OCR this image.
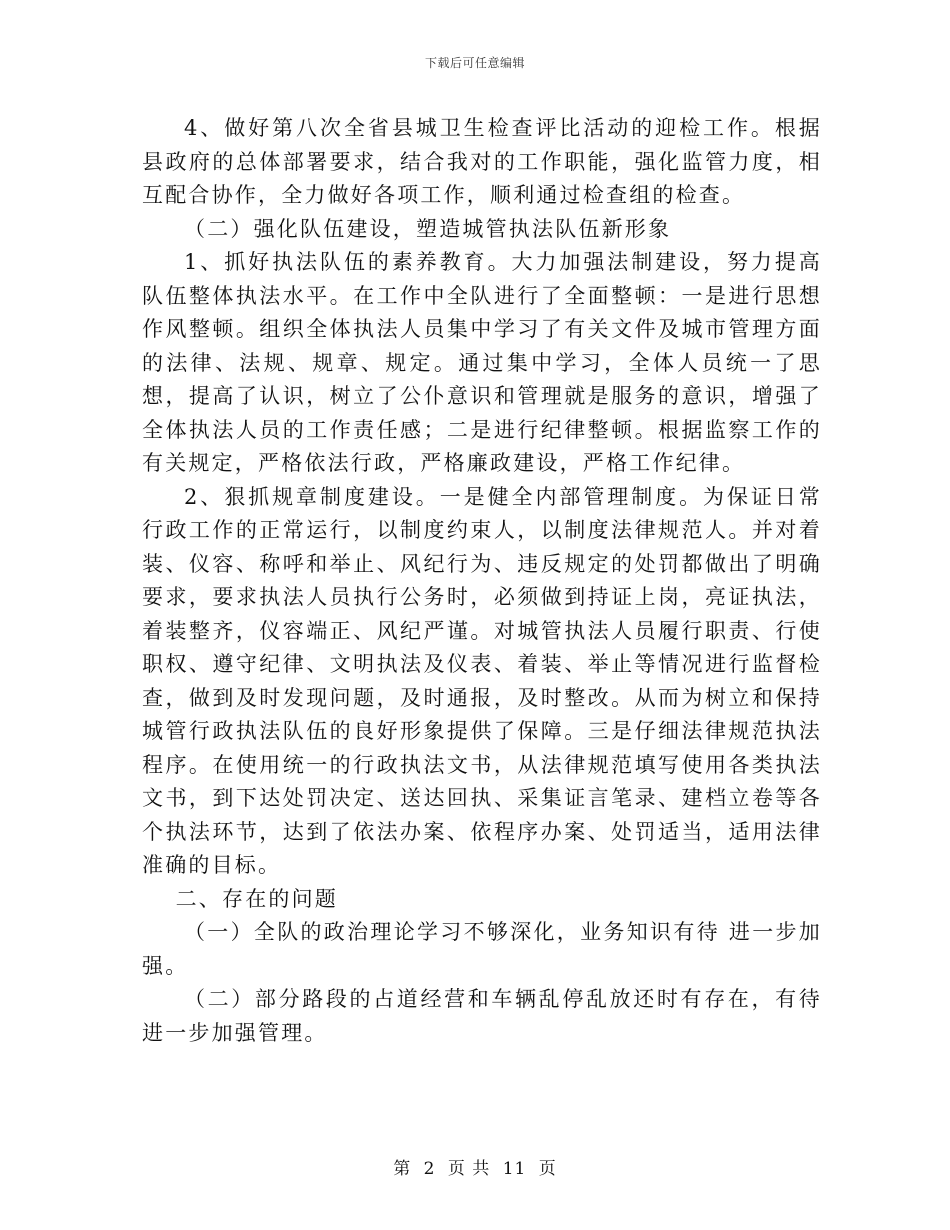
下载后可任意编辑

4、做好第八次全省县城卫生检查评比活动的迎检工作。根据县政府的总体部署要求，结合我对的工作职能，强化监管力度，相互配合协作，全力做好各项工作，顺利通过检查组的检查。

（二）强化队伍建设，塑造城管执法队伍新形象

1、抓好执法队伍的素养教育。大力加强法制建设，努力提高队伍整体执法水平。在工作中全队进行了全面整顿：一是进行思想作风整顿。组织全体执法人员集中学习了有关文件及城市管理方面的法律、法规、规章、规定。通过集中学习，全体人员统一了思想，提高了认识，树立了公仆意识和管理就是服务的意识，增强了全体执法人员的工作责任感；二是进行纪律整顿。根据监察工作的有关规定，严格依法行政，严格廉政建设，严格工作纪律。

2、狠抓规章制度建设。一是健全内部管理制度。为保证日常行政工作的正常运行，以制度约束人，以制度法律规范人。并对着装、仪容、称呼和举止、风纪行为、违反规定的处罚都做出了明确要求，要求执法人员执行公务时，必须做到持证上岗，亮证执法，着装整齐，仪容端正、风纪严谨。对城管执法人员履行职责、行使职权、遵守纪律、文明执法及仪表、着装、举止等情况进行监督检查，做到及时发现问题，及时通报，及时整改。从而为树立和保持城管行政执法队伍的良好形象提供了保障。三是仔细法律规范执法程序。在使用统一的行政执法文书，从法律规范填写使用各类执法文书，到下达处罚决定、送达回执、采集证言笔录、建档立卷等各个执法环节，达到了依法办案、依程序办案、处罚适当，适用法律准确的目标。

二、存在的问题

（一）全队的政治理论学习不够深化，业务知识有待 进一步加强。

（二）部分路段的占道经营和车辆乱停乱放还时有存在，有待进一步加强管理。

第 2 页 共 11 页
